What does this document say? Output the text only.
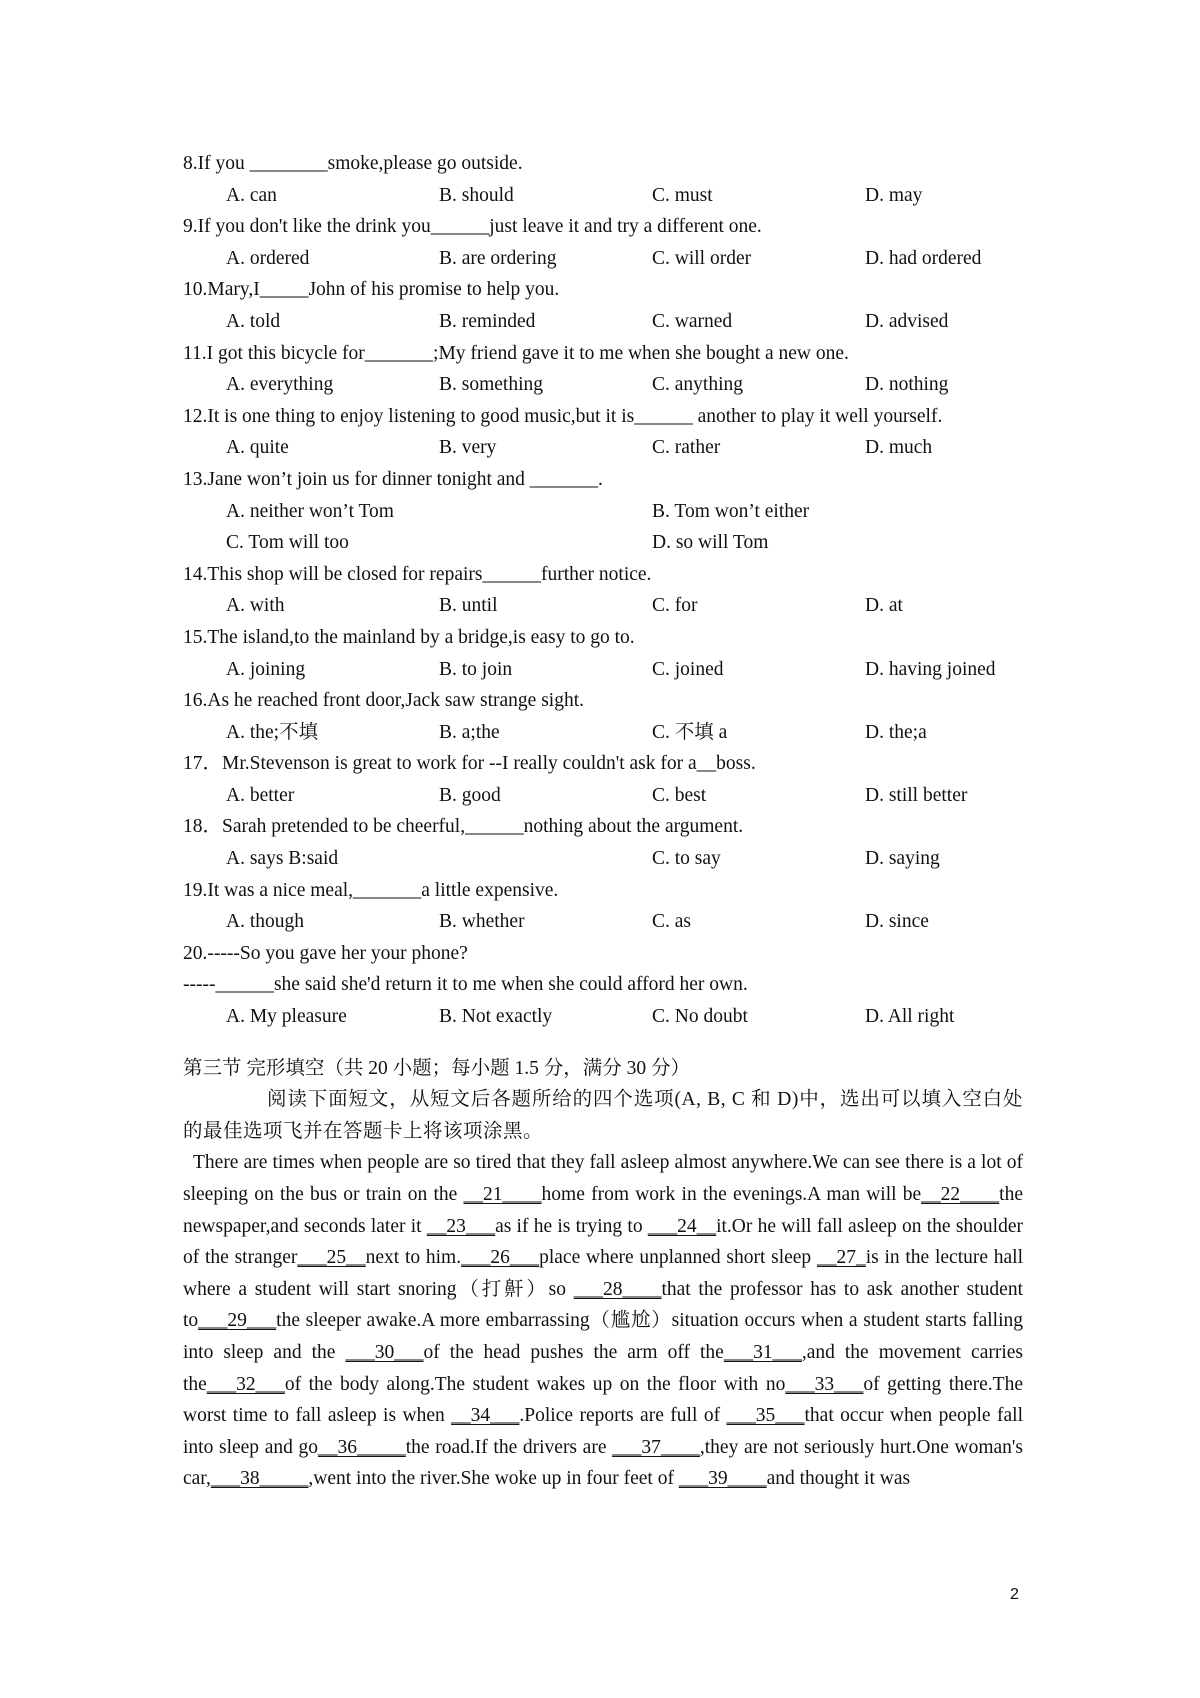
8.If you ________smoke,please go outside.
A. can	B. should	C. must	D. may
9.If you don't like the drink you______just leave it and try a different one.
A. ordered	B. are ordering	C. will order	D. had ordered
10.Mary,I_____John of his promise to help you.
A. told	B. reminded	C. warned	D. advised
11.I got this bicycle for_______;My friend gave it to me when she bought a new one.
A. everything	B. something	C. anything	D. nothing
12.It is one thing to enjoy listening to good music,but it is______ another to play it well yourself.
A. quite	B. very	C. rather	D. much
13.Jane won’t join us for dinner tonight and _______.
A. neither won’t Tom	B. Tom won’t either
C. Tom will too	D. so will Tom
14.This shop will be closed for repairs______further notice.
A. with	B. until	C. for	D. at
15.The island,to the mainland by a bridge,is easy to go to.
A. joining	B. to join	C. joined	D. having joined
16.As he reached front door,Jack saw strange sight.
A. the;不填	B. a;the	C. 不填 a	D. the;a
17．Mr.Stevenson is great to work for --I really couldn't ask for a__boss.
A. better	B. good	C. best	D. still better
18．Sarah pretended to be cheerful,______nothing about the argument.
A. says B:said	C. to say	D. saying
19.It was a nice meal,_______a little expensive.
A. though	B. whether	C. as	D. since
20.-----So you gave her your phone?
-----______she said she'd return it to me when she could afford her own.
A. My pleasure	B. Not exactly	C. No doubt	D. All right
第三节 完形填空（共 20 小题；每小题 1.5 分，满分 30 分）
阅读下面短文，从短文后各题所给的四个选项(A, B, C 和 D)中，选出可以填入空白处的最佳选项飞并在答题卡上将该项涂黑。
There are times when people are so tired that they fall asleep almost anywhere.We can see there is a lot of sleeping on the bus or train on the __21____home from work in the evenings.A man will be__22____the newspaper,and seconds later it __23___as if he is trying to ___24__it.Or he will fall asleep on the shoulder of the stranger___25__next to him.___26___place where unplanned short sleep __27_is in the lecture hall where a student will start snoring（打鼾）so ___28____that the professor has to ask another student to___29___the sleeper awake.A more embarrassing（尴尬）situation occurs when a student starts falling into sleep and the ___30___of the head pushes the arm off the___31___,and the movement carries the___32___of the body along.The student wakes up on the floor with no___33___of getting there.The worst time to fall asleep is when __34___.Police reports are full of ___35___that occur when people fall into sleep and go__36_____the road.If the drivers are ___37____,they are not seriously hurt.One woman's car,___38_____,went into the river.She woke up in four feet of ___39____and thought it was
2
